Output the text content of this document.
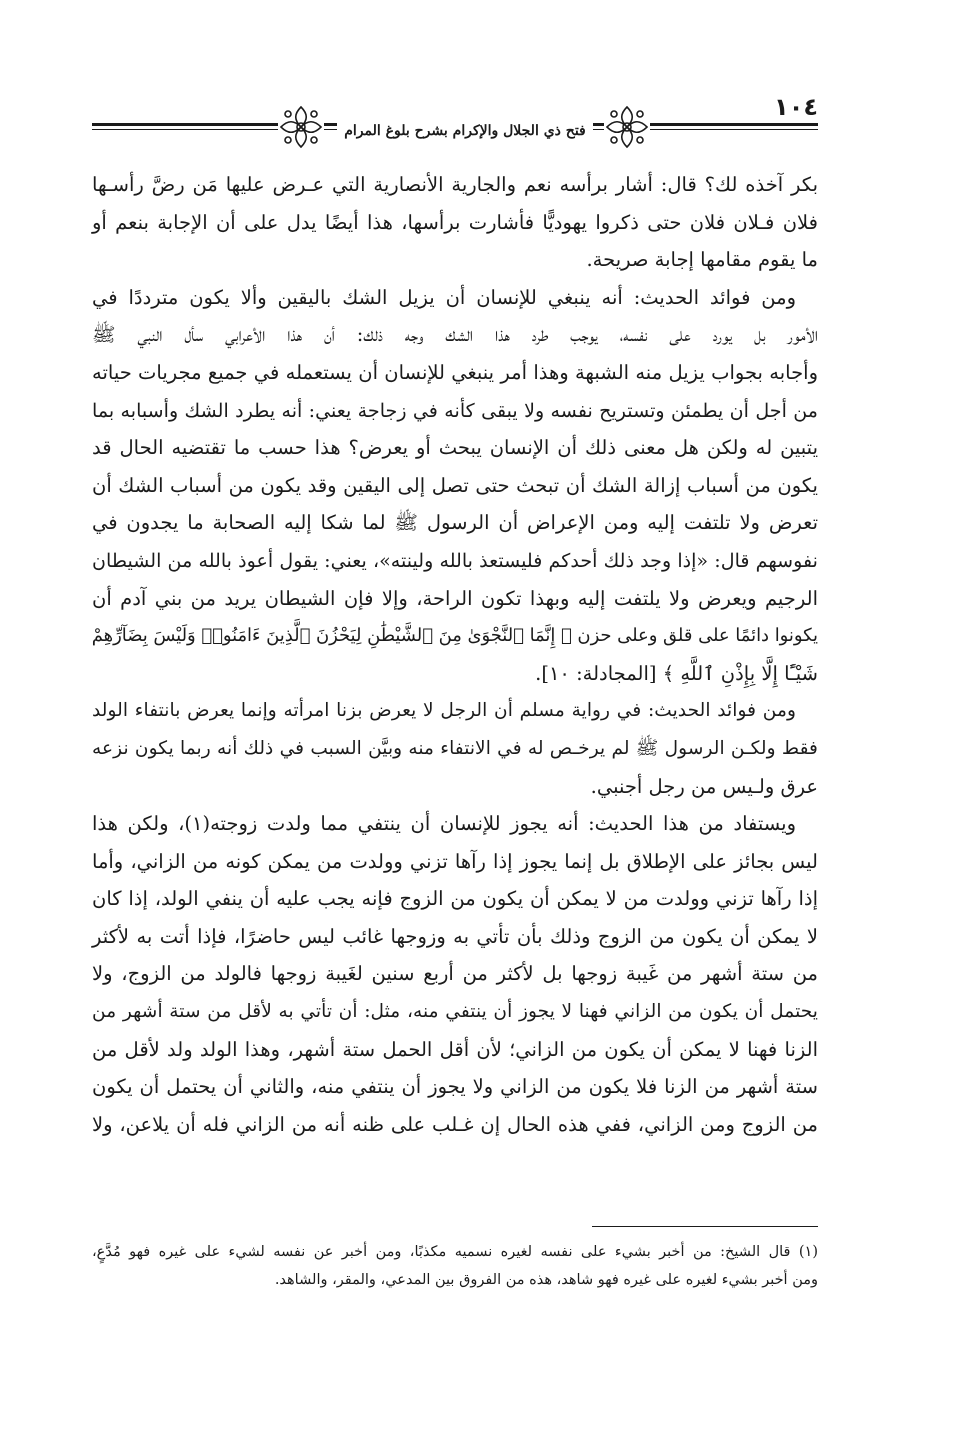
فتح ذي الجلال والإكرام بشرح بلوغ المرام
١٠٤
بكر آخذه لك؟ قال: أشار برأسه نعم والجارية الأنصارية التي عـرض عليها مَن رضَّ رأسـها
فلان فـلان فلان حتى ذكروا يهوديًّا فأشارت برأسها، هذا أيضًا يدل على أن الإجابة بنعم أو
ما يقوم مقامها إجابة صريحة.
ومن فوائد الحديث: أنه ينبغي للإنسان أن يزيل الشك باليقين وألا يكون مترددًا في
الأمور بل يورد على نفسه، يوجب طرد هذا الشك وجه ذلك: أن هذا الأعرابي سأل النبي ﷺ
وأجابه بجواب يزيل منه الشبهة وهذا أمر ينبغي للإنسان أن يستعمله في جميع مجريات حياته
من أجل أن يطمئن وتستريح نفسه ولا يبقى كأنه في زجاجة يعني: أنه يطرد الشك وأسبابه بما
يتبين له ولكن هل معنى ذلك أن الإنسان يبحث أو يعرض؟ هذا حسب ما تقتضيه الحال قد
يكون من أسباب إزالة الشك أن تبحث حتى تصل إلى اليقين وقد يكون من أسباب الشك أن
تعرض ولا تلتفت إليه ومن الإعراض أن الرسول ﷺ لما شكا إليه الصحابة ما يجدون في
نفوسهم قال: «إذا وجد ذلك أحدكم فليستعذ بالله ولينته»، يعني: يقول أعوذ بالله من الشيطان
الرجيم ويعرض ولا يلتفت إليه وبهذا تكون الراحة، وإلا فإن الشيطان يريد من بني آدم أن
يكونوا دائمًا على قلق وعلى حزن ﴿ إِنَّمَا ٱلنَّجْوَىٰ مِنَ ٱلشَّيْطَٰنِ لِيَحْزُنَ ٱلَّذِينَ ءَامَنُوا۟ وَلَيْسَ بِضَآرِّهِمْ
شَيْـًٔا إِلَّا بِإِذْنِ ٱللَّهِ ﴾ [المجادلة: ١٠].
ومن فوائد الحديث: في رواية مسلم أن الرجل لا يعرض بزنا امرأته وإنما يعرض بانتفاء الولد
فقط ولكـن الرسول ﷺ لم يرخـص له في الانتفاء منه وبيَّن السبب في ذلك أنه ربما يكون نزعه
عرق ولـيس من رجل أجنبي.
ويستفاد من هذا الحديث: أنه يجوز للإنسان أن ينتفي مما ولدت زوجته(١)، ولكن هذا
ليس بجائز على الإطلاق بل إنما يجوز إذا رآها تزني وولدت من يمكن كونه من الزاني، وأما
إذا رآها تزني وولدت من لا يمكن أن يكون من الزوج فإنه يجب عليه أن ينفي الولد، إذا كان
لا يمكن أن يكون من الزوج وذلك بأن تأتي به وزوجها غائب ليس حاضرًا، فإذا أتت به لأكثر
من ستة أشهر من غَيبة زوجها بل لأكثر من أربع سنين لغَيبة زوجها فالولد من الزوج، ولا
يحتمل أن يكون من الزاني فهنا لا يجوز أن ينتفي منه، مثل: أن تأتي به لأقل من ستة أشهر من
الزنا فهنا لا يمكن أن يكون من الزاني؛ لأن أقل الحمل ستة أشهر، وهذا الولد ولد لأقل من
ستة أشهر من الزنا فلا يكون من الزاني ولا يجوز أن ينتفي منه، والثاني أن يحتمل أن يكون
من الزوج ومن الزاني، ففي هذه الحال إن غـلب على ظنه أنه من الزاني فله أن يلاعن، ولا
(١) قال الشيخ: من أخبر بشيء على نفسه لغيره نسميه مكذبًا، ومن أخبر عن نفسه لشيء على غيره فهو مُدَّعٍ،
ومن أخبر بشيء لغيره على غيره فهو شاهد، هذه من الفروق بين المدعي، والمقر، والشاهد.
